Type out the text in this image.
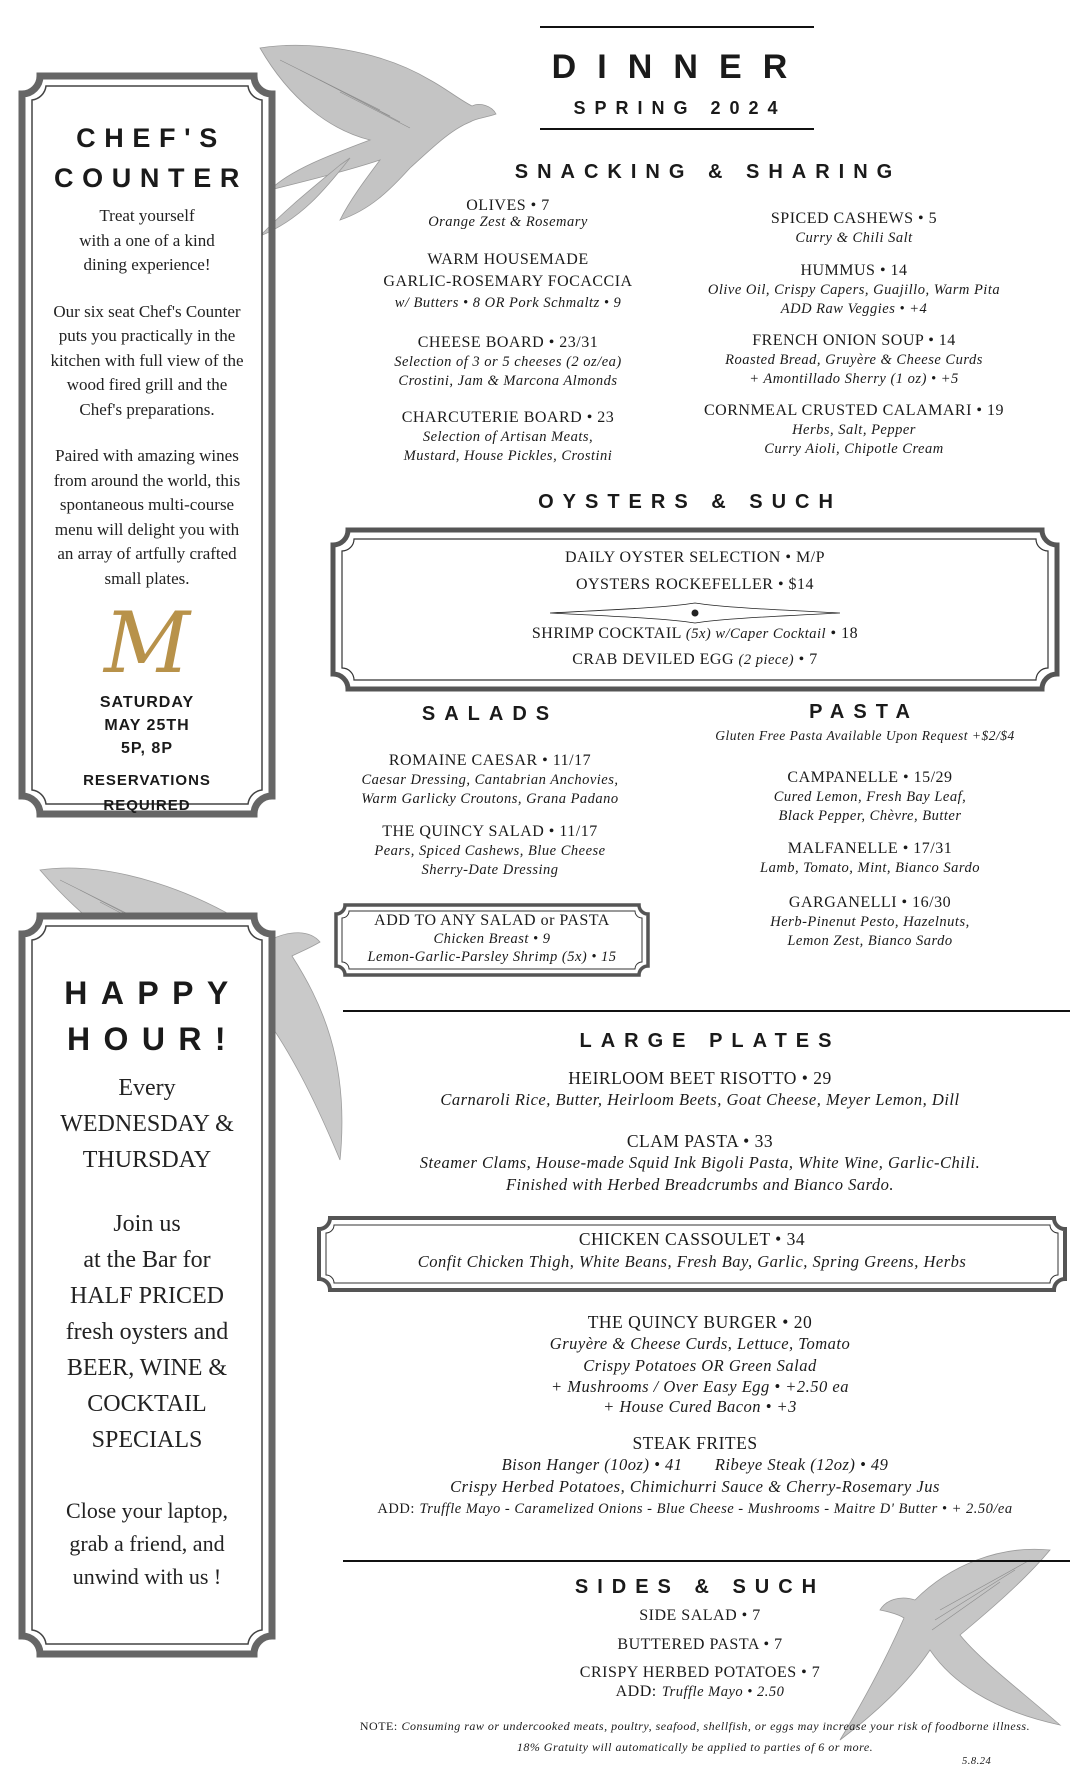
DINNER
SPRING 2024
CHEF'S COUNTER
Treat yourself
with a one of a kind
dining experience!
Our six seat Chef's Counter
puts you practically in the
kitchen with full view of the
wood fired grill and the
Chef's preparations.
Paired with amazing wines
from around the world, this
spontaneous multi-course
menu will delight you with
an array of artfully crafted
small plates.
M
SATURDAY
MAY 25TH
5P, 8P
RESERVATIONS
REQUIRED
HAPPY
HOUR!
Every
WEDNESDAY &
THURSDAY
Join us
at the Bar for
HALF PRICED
fresh oysters and
BEER, WINE &
COCKTAIL
SPECIALS
Close your laptop,
grab a friend, and
unwind with us !
SNACKING & SHARING
OLIVES • 7
Orange Zest & Rosemary
WARM HOUSEMADE
GARLIC-ROSEMARY FOCACCIA
w/ Butters • 8 OR Pork Schmaltz • 9
CHEESE BOARD • 23/31
Selection of 3 or 5 cheeses (2 oz/ea)
Crostini, Jam & Marcona Almonds
CHARCUTERIE BOARD • 23
Selection of Artisan Meats,
Mustard, House Pickles, Crostini
SPICED CASHEWS • 5
Curry & Chili Salt
HUMMUS • 14
Olive Oil, Crispy Capers, Guajillo, Warm Pita
ADD Raw Veggies • +4
FRENCH ONION SOUP • 14
Roasted Bread, Gruyère & Cheese Curds
+ Amontillado Sherry (1 oz) • +5
CORNMEAL CRUSTED CALAMARI • 19
Herbs, Salt, Pepper
Curry Aioli, Chipotle Cream
OYSTERS & SUCH
DAILY OYSTER SELECTION • M/P
OYSTERS ROCKEFELLER • $14
SHRIMP COCKTAIL (5x) w/Caper Cocktail • 18
CRAB DEVILED EGG (2 piece) • 7
SALADS
ROMAINE CAESAR • 11/17
Caesar Dressing, Cantabrian Anchovies,
Warm Garlicky Croutons, Grana Padano
THE QUINCY SALAD • 11/17
Pears, Spiced Cashews, Blue Cheese
Sherry-Date Dressing
ADD TO ANY SALAD or PASTA
Chicken Breast • 9
Lemon-Garlic-Parsley Shrimp (5x) • 15
PASTA
Gluten Free Pasta Available Upon Request +$2/$4
CAMPANELLE • 15/29
Cured Lemon, Fresh Bay Leaf,
Black Pepper, Chèvre, Butter
MALFANELLE • 17/31
Lamb, Tomato, Mint, Bianco Sardo
GARGANELLI • 16/30
Herb-Pinenut Pesto, Hazelnuts,
Lemon Zest, Bianco Sardo
LARGE PLATES
HEIRLOOM BEET RISOTTO • 29
Carnaroli Rice, Butter, Heirloom Beets, Goat Cheese, Meyer Lemon, Dill
CLAM PASTA • 33
Steamer Clams, House-made Squid Ink Bigoli Pasta, White Wine, Garlic-Chili.
Finished with Herbed Breadcrumbs and Bianco Sardo.
CHICKEN CASSOULET • 34
Confit Chicken Thigh, White Beans, Fresh Bay, Garlic, Spring Greens, Herbs
THE QUINCY BURGER • 20
Gruyère & Cheese Curds, Lettuce, Tomato
Crispy Potatoes OR Green Salad
+ Mushrooms / Over Easy Egg • +2.50 ea
+ House Cured Bacon • +3
STEAK FRITES
Bison Hanger (10oz) • 41       Ribeye Steak (12oz) • 49
Crispy Herbed Potatoes, Chimichurri Sauce & Cherry-Rosemary Jus
ADD: Truffle Mayo - Caramelized Onions - Blue Cheese - Mushrooms - Maitre D' Butter • + 2.50/ea
SIDES & SUCH
SIDE SALAD • 7
BUTTERED PASTA • 7
CRISPY HERBED POTATOES • 7
ADD: Truffle Mayo • 2.50
NOTE: Consuming raw or undercooked meats, poultry, seafood, shellfish, or eggs may increase your risk of foodborne illness.
18% Gratuity will automatically be applied to parties of 6 or more.
5.8.24
